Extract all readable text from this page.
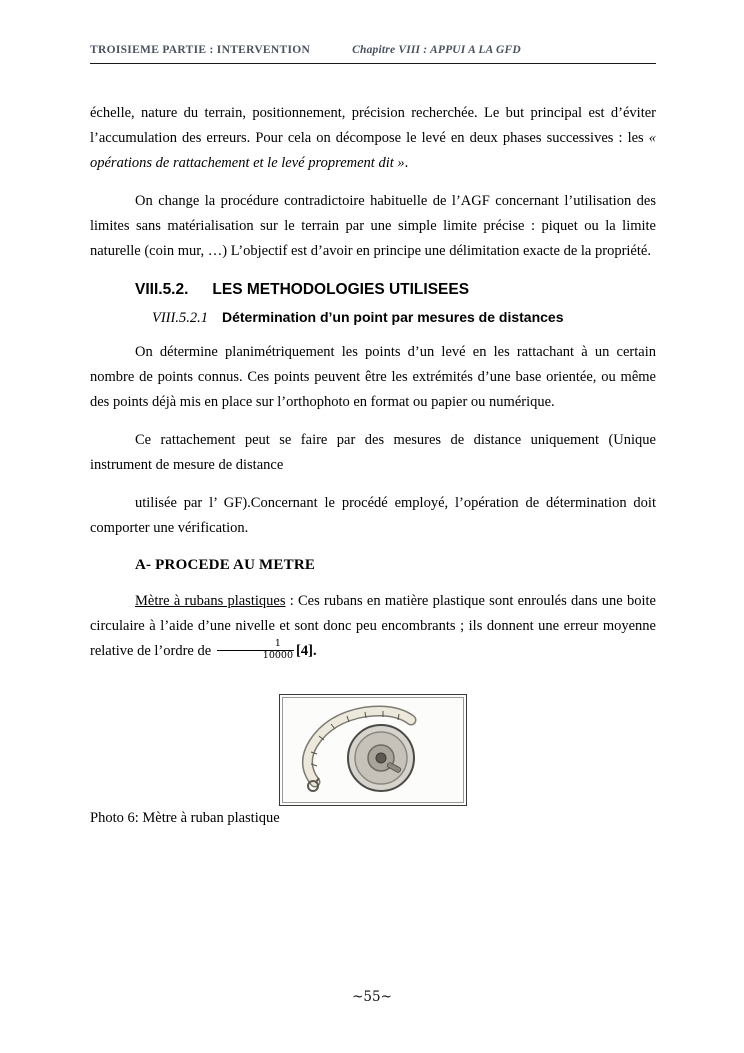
TROISIEME PARTIE : INTERVENTION	Chapitre VIII : APPUI A LA GFD

échelle, nature du terrain, positionnement, précision recherchée. Le but principal est d’éviter l’accumulation des erreurs. Pour cela on décompose le levé en deux phases successives : les « opérations de rattachement et le levé proprement dit ».

On change la procédure contradictoire habituelle de l’AGF concernant l’utilisation des limites sans matérialisation sur le terrain par une simple limite précise : piquet ou la limite naturelle (coin mur, …) L’objectif est d’avoir en principe une délimitation exacte de la propriété.

VIII.5.2. LES METHODOLOGIES UTILISEES
VIII.5.2.1 Détermination d’un point par mesures de distances

On détermine planimétriquement les points d’un levé en les rattachant à un certain nombre de points connus. Ces points peuvent être les extrémités d’une base orientée, ou même des points déjà mis en place sur l’orthophoto en format ou papier ou numérique.

Ce rattachement peut se faire par des mesures de distance uniquement (Unique instrument de mesure de distance

utilisée par l’ GF).Concernant le procédé employé, l’opération de détermination doit comporter une vérification.

A- PROCEDE AU METRE

Mètre à rubans plastiques : Ces rubans en matière plastique sont enroulés dans une boite circulaire à l’aide d’une nivelle et sont donc peu encombrants ; ils donnent une erreur moyenne relative de l’ordre de $\frac{1}{10000} [4]$.

Photo 6: Mètre à ruban plastique

~55~
